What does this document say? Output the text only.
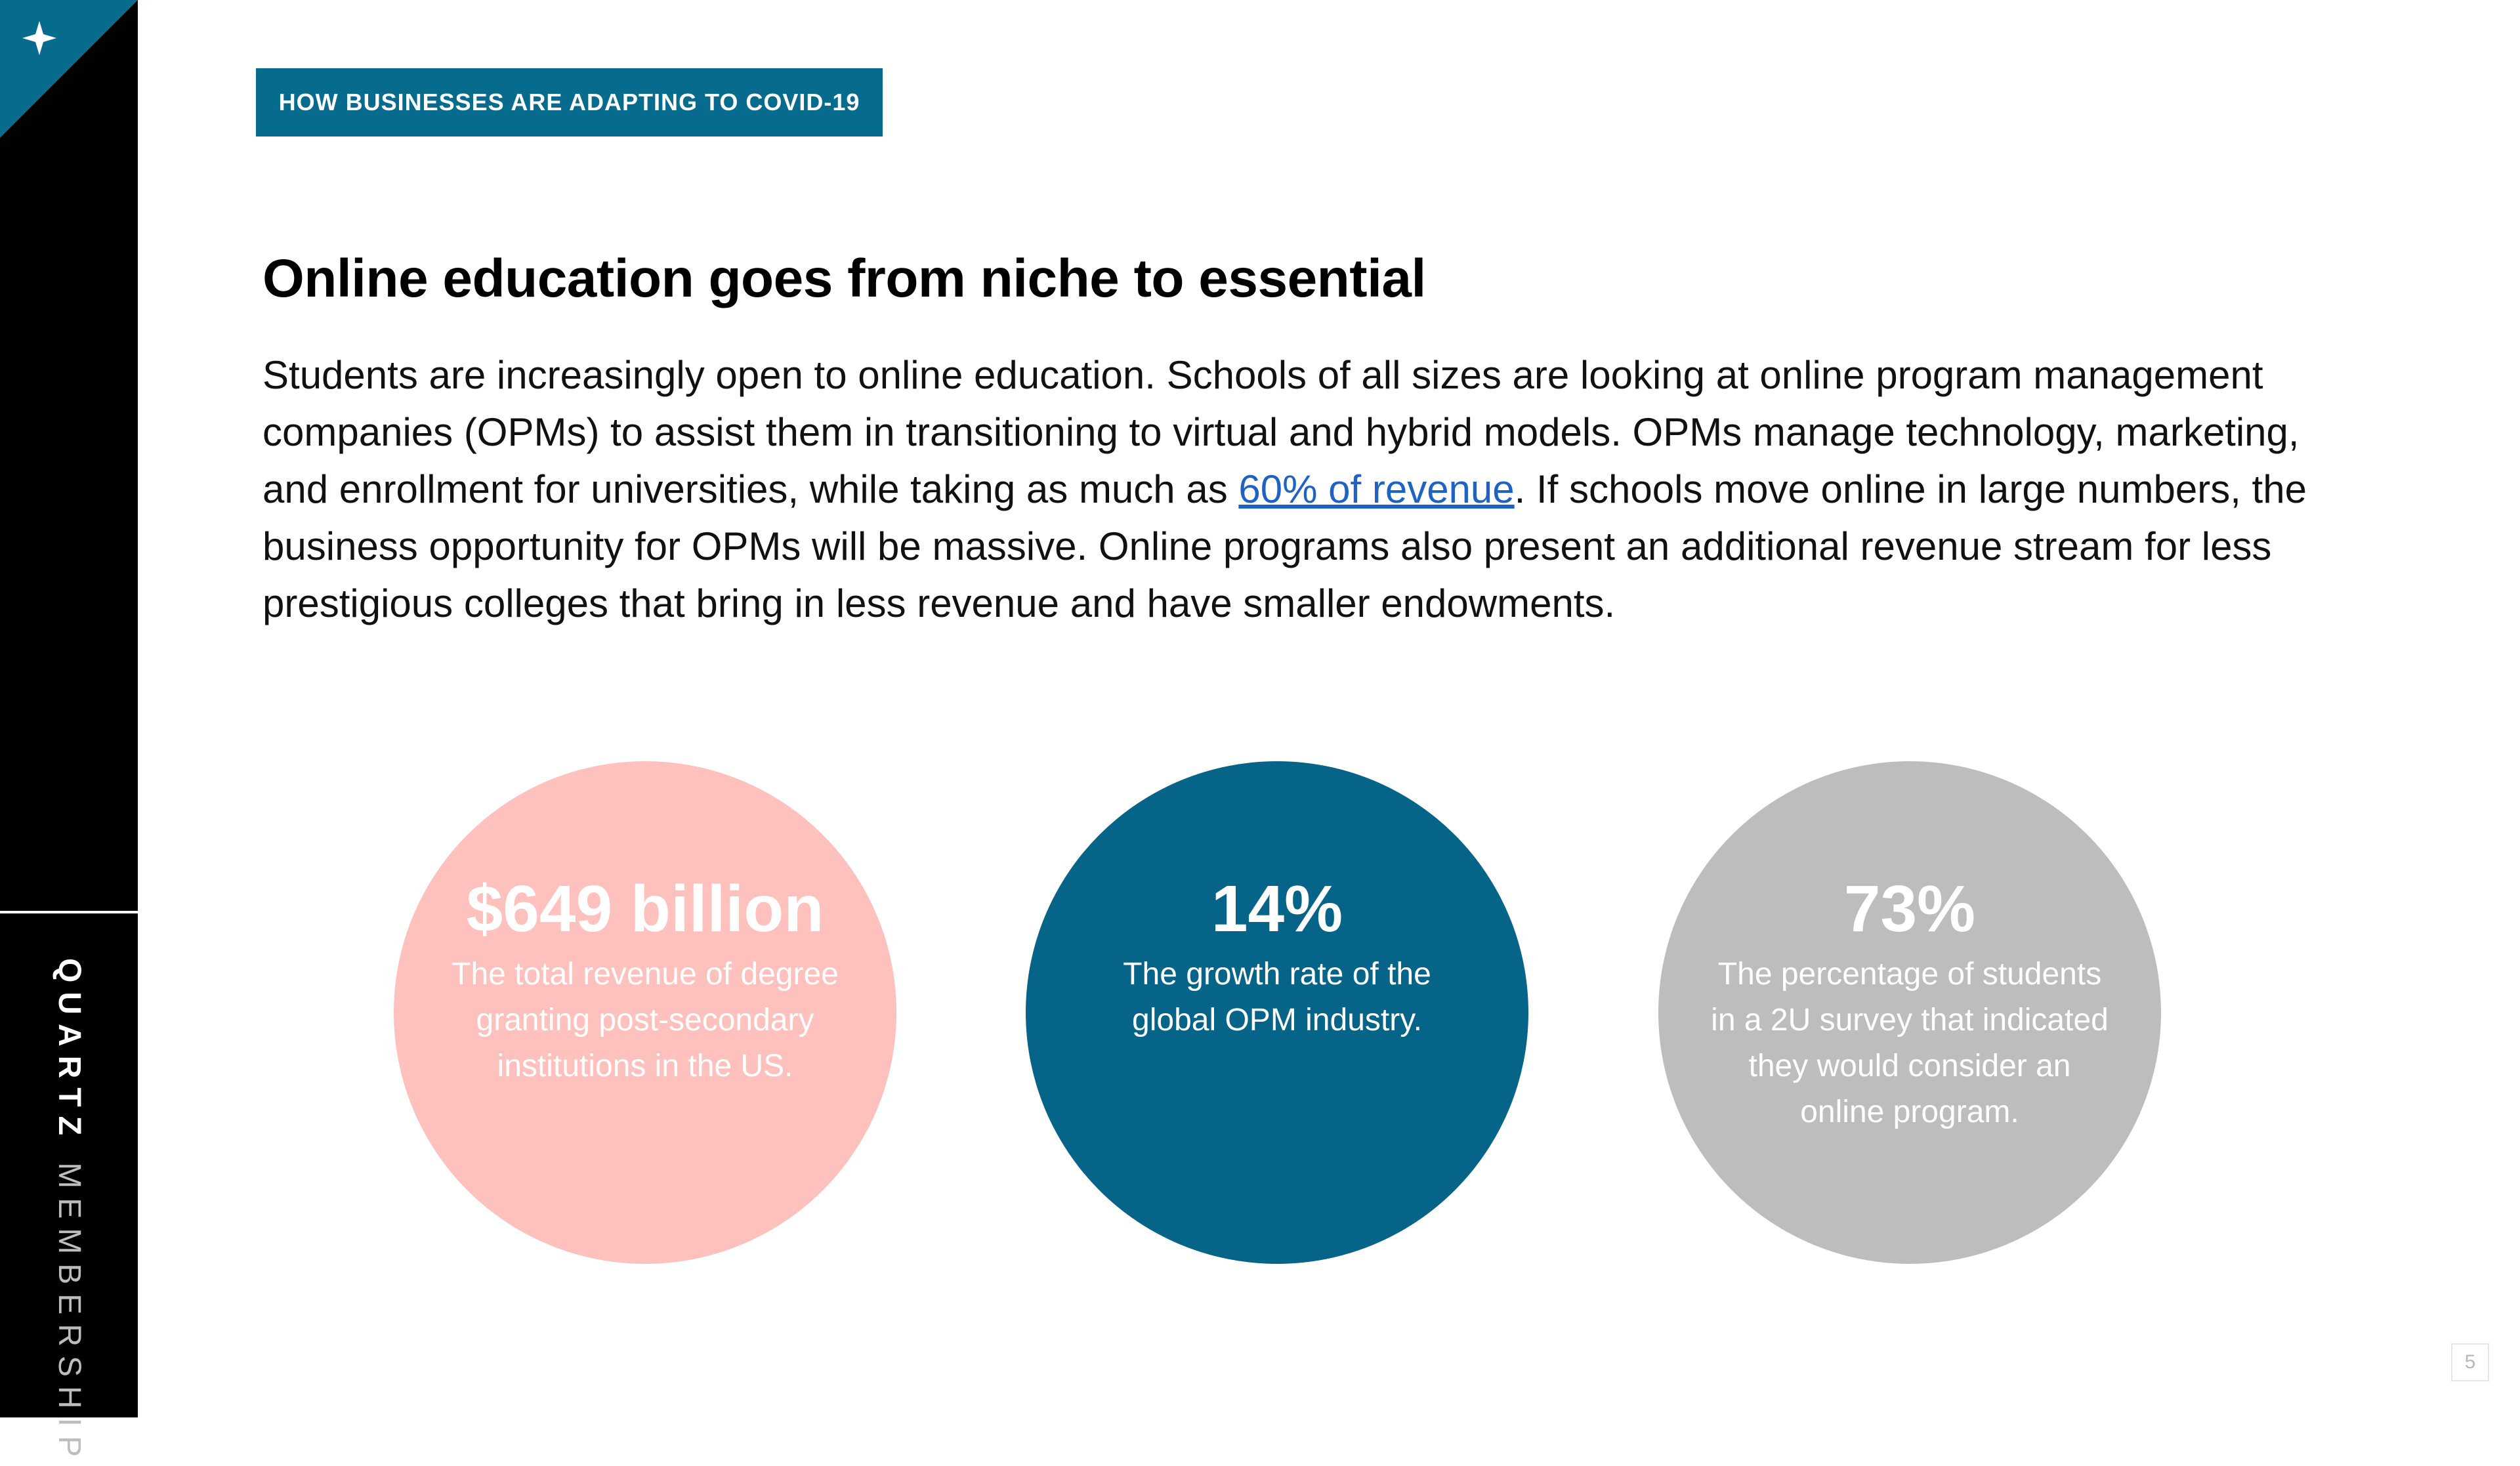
QUARTZ MEMBERSHIP
HOW BUSINESSES ARE ADAPTING TO COVID-19
Online education goes from niche to essential

Students are increasingly open to online education. Schools of all sizes are looking at online program management companies (OPMs) to assist them in transitioning to virtual and hybrid models. OPMs manage technology, marketing, and enrollment for universities, while taking as much as 60% of revenue. If schools move online in large numbers, the business opportunity for OPMs will be massive. Online programs also present an additional revenue stream for less prestigious colleges that bring in less revenue and have smaller endowments.

$649 billion
The total revenue of degree granting post-secondary institutions in the US.
14%
The growth rate of the global OPM industry.
73%
The percentage of students in a 2U survey that indicated they would consider an online program.
5
